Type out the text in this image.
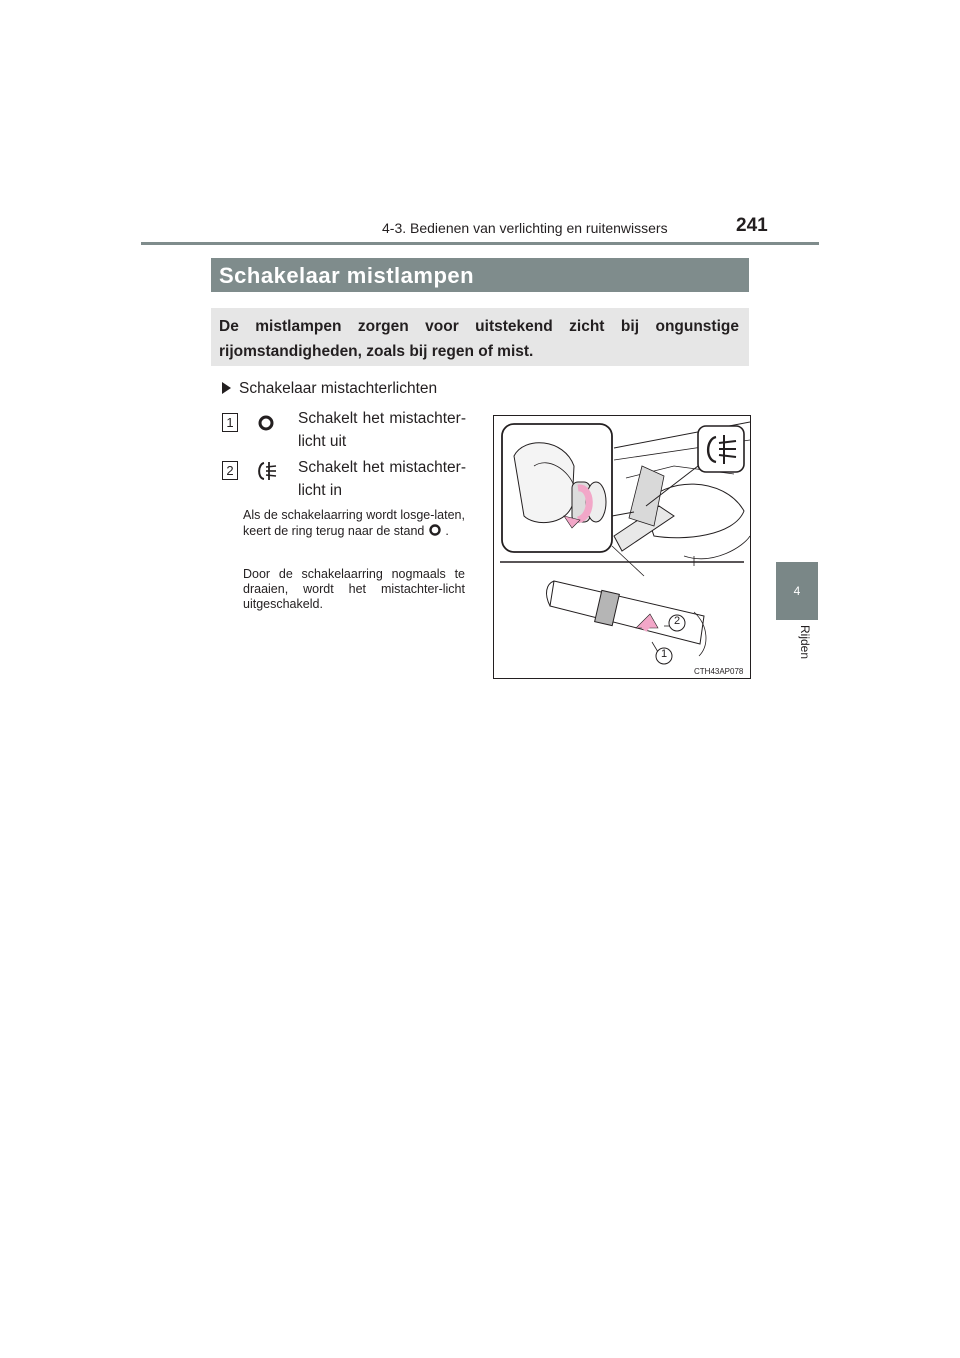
4-3. Bedienen van verlichting en ruitenwissers	241
4
Rijden
Schakelaar mistlampen
De mistlampen zorgen voor uitstekend zicht bij ongunstige rijomstandigheden, zoals bij regen of mist.
Schakelaar mistachterlichten
1	Schakelt het mistachter-licht uit
2	Schakelt het mistachter-licht in
Als de schakelaarring wordt losge-laten, keert de ring terug naar de stand .
Door de schakelaarring nogmaals te draaien, wordt het mistachter-licht uitgeschakeld.
2
1
CTH43AP078
